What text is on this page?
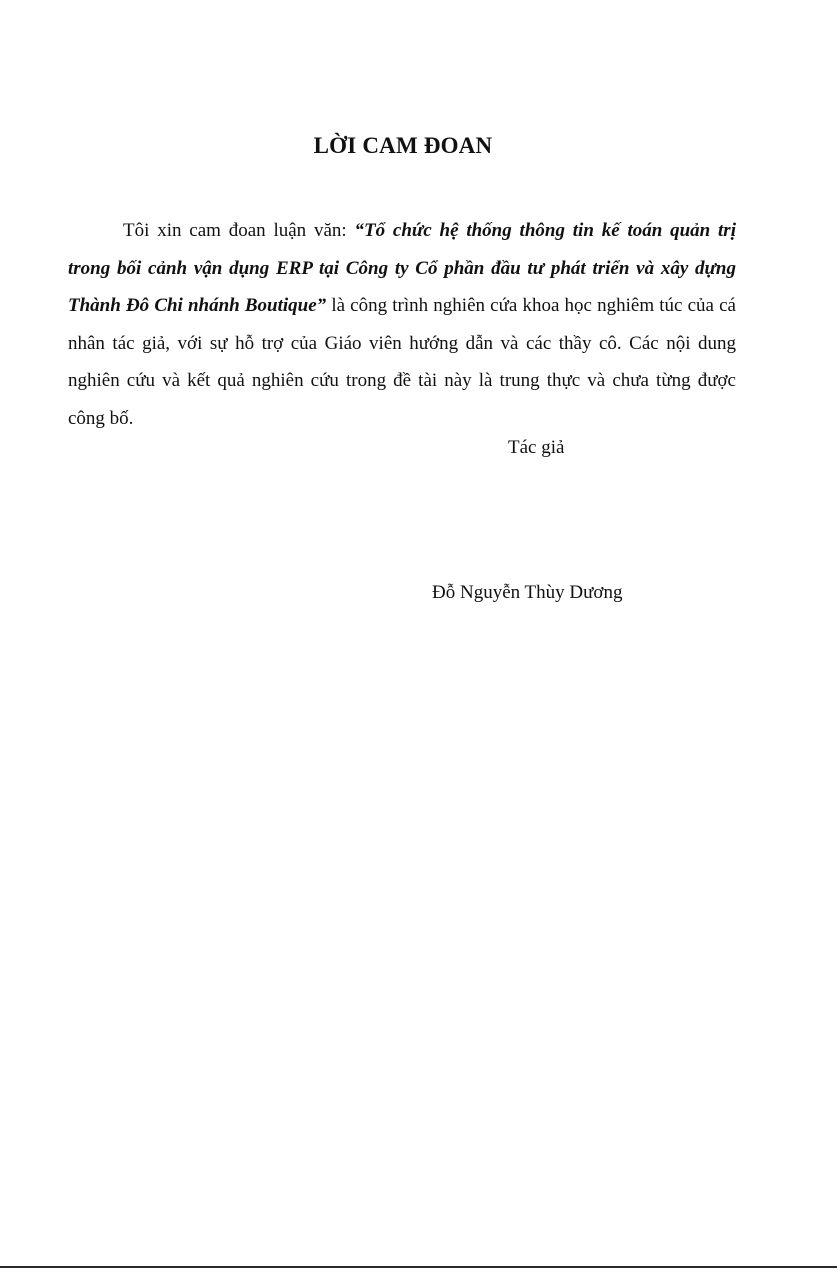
LỜI CAM ĐOAN

Tôi xin cam đoan luận văn: “Tổ chức hệ thống thông tin kế toán quản trị trong bối cảnh vận dụng ERP tại Công ty Cổ phần đầu tư phát triển và xây dựng Thành Đô Chi nhánh Boutique” là công trình nghiên cứa khoa học nghiêm túc của cá nhân tác giả, với sự hỗ trợ của Giáo viên hướng dẫn và các thầy cô. Các nội dung nghiên cứu và kết quả nghiên cứu trong đề tài này là trung thực và chưa từng được công bố.

Tác giả

Đỗ Nguyễn Thùy Dương
